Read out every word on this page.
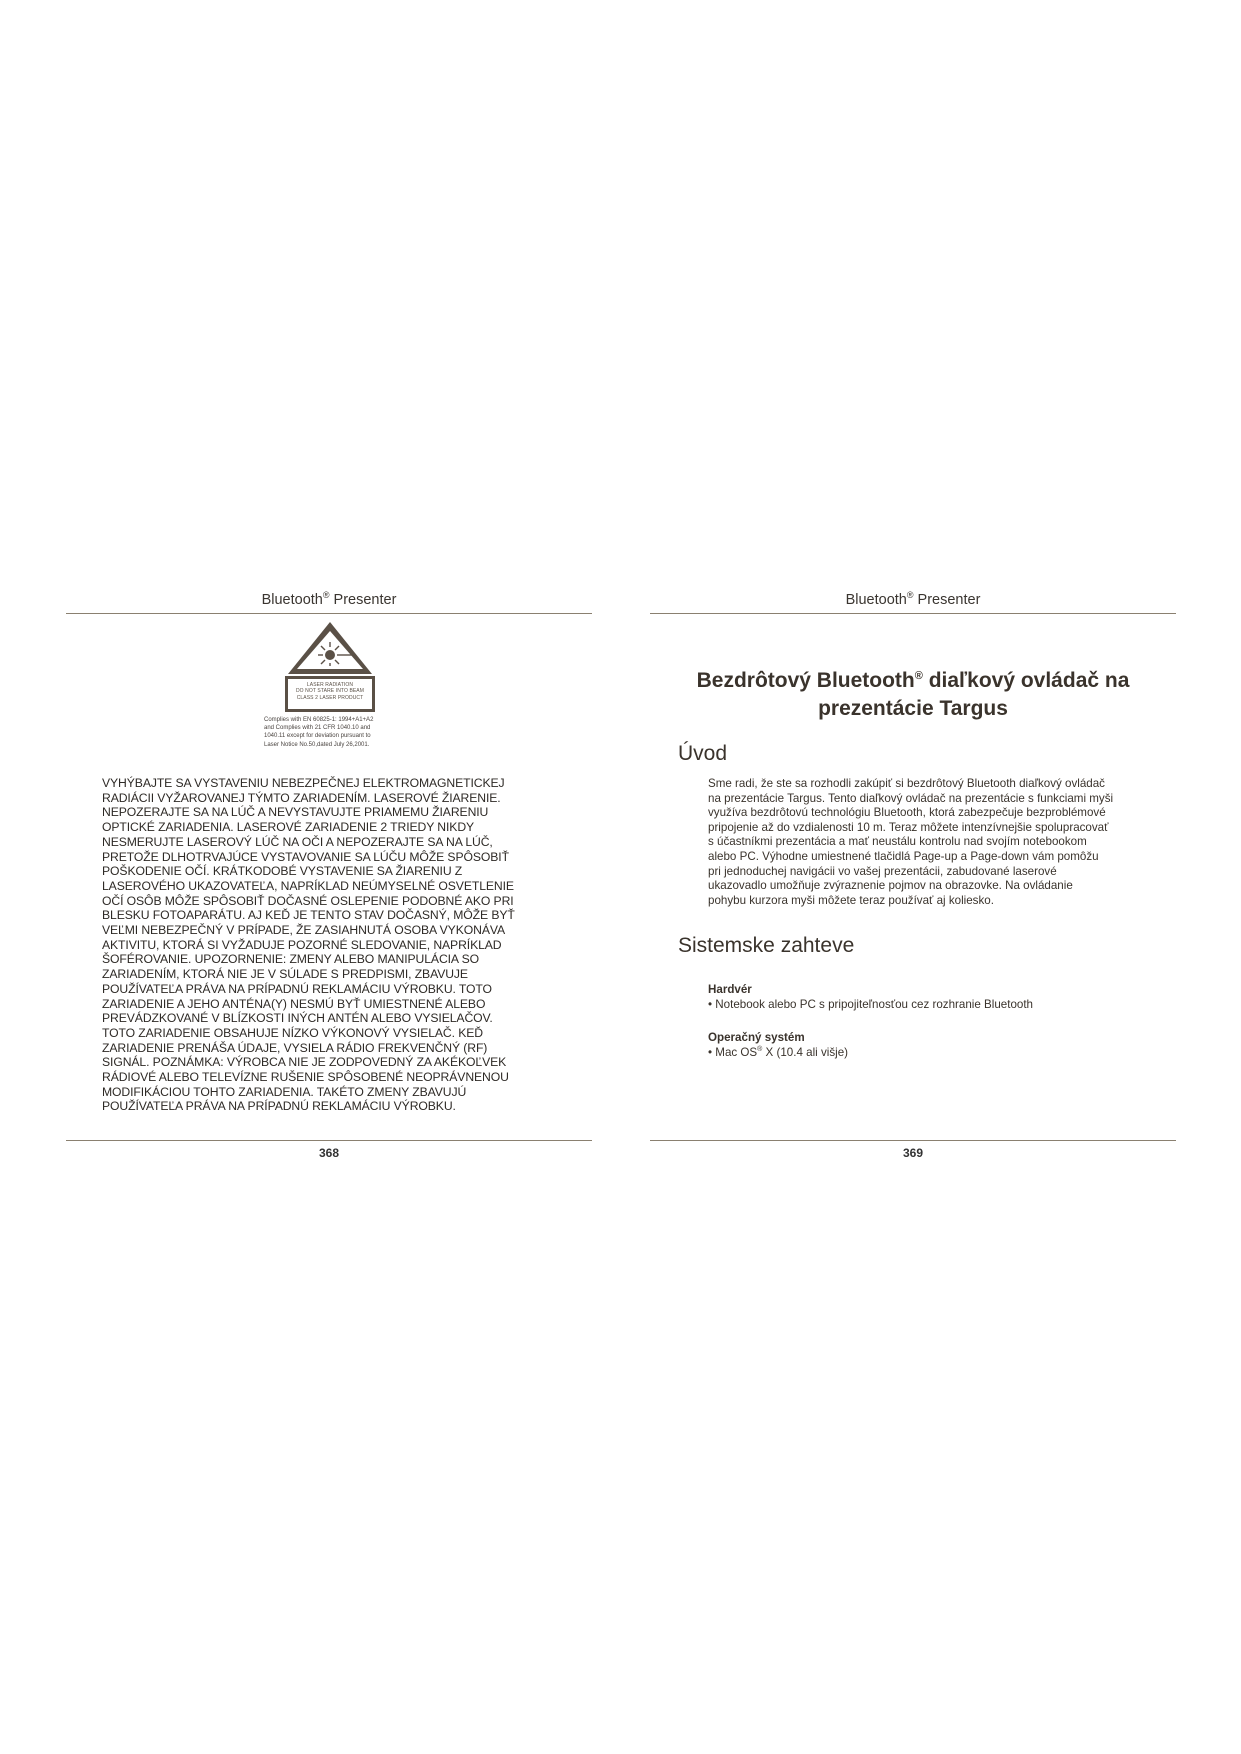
Bluetooth® Presenter
LASER RADIATION
DO NOT STARE INTO BEAM
CLASS 2 LASER PRODUCT
Complies with EN 60825-1: 1994+A1+A2
and Complies with 21 CFR 1040.10 and
1040.11 except for deviation pursuant to
Laser Notice No.50,dated July 26,2001.
VYHÝBAJTE SA VYSTAVENIU NEBEZPEČNEJ ELEKTROMAGNETICKEJ
RADIÁCII VYŽAROVANEJ TÝMTO ZARIADENÍM. LASEROVÉ ŽIARENIE.
NEPOZERAJTE SA NA LÚČ A NEVYSTAVUJTE PRIAMEMU ŽIARENIU
OPTICKÉ ZARIADENIA. LASEROVÉ ZARIADENIE 2 TRIEDY NIKDY
NESMERUJTE LASEROVÝ LÚČ NA OČI A NEPOZERAJTE SA NA LÚČ,
PRETOŽE DLHOTRVAJÚCE VYSTAVOVANIE SA LÚČU MÔŽE SPÔSOBIŤ
POŠKODENIE OČÍ. KRÁTKODOBÉ VYSTAVENIE SA ŽIARENIU Z
LASEROVÉHO UKAZOVATEĽA, NAPRÍKLAD NEÚMYSELNÉ OSVETLENIE
OČÍ OSÔB MÔŽE SPÔSOBIŤ DOČASNÉ OSLEPENIE PODOBNÉ AKO PRI
BLESKU FOTOAPARÁTU. AJ KEĎ JE TENTO STAV DOČASNÝ, MÔŽE BYŤ
VEĽMI NEBEZPEČNÝ V PRÍPADE, ŽE ZASIAHNUTÁ OSOBA VYKONÁVA
AKTIVITU, KTORÁ SI VYŽADUJE POZORNÉ SLEDOVANIE, NAPRÍKLAD
ŠOFÉROVANIE. UPOZORNENIE: ZMENY ALEBO MANIPULÁCIA SO
ZARIADENÍM, KTORÁ NIE JE V SÚLADE S PREDPISMI, ZBAVUJE
POUŽÍVATEĽA PRÁVA NA PRÍPADNÚ REKLAMÁCIU VÝROBKU. TOTO
ZARIADENIE A JEHO ANTÉNA(Y) NESMÚ BYŤ UMIESTNENÉ ALEBO
PREVÁDZKOVANÉ V BLÍZKOSTI INÝCH ANTÉN ALEBO VYSIELAČOV.
TOTO ZARIADENIE OBSAHUJE NÍZKO VÝKONOVÝ VYSIELAČ. KEĎ
ZARIADENIE PRENÁŠA ÚDAJE, VYSIELA RÁDIO FREKVENČNÝ (RF)
SIGNÁL. POZNÁMKA: VÝROBCA NIE JE ZODPOVEDNÝ ZA AKÉKOĽVEK
RÁDIOVÉ ALEBO TELEVÍZNE RUŠENIE SPÔSOBENÉ NEOPRÁVNENOU
MODIFIKÁCIOU TOHTO ZARIADENIA. TAKÉTO ZMENY ZBAVUJÚ
POUŽÍVATEĽA PRÁVA NA PRÍPADNÚ REKLAMÁCIU VÝROBKU.
368
Bluetooth® Presenter
Bezdrôtový Bluetooth® diaľkový ovládač na
prezentácie Targus
Úvod
Sme radi, že ste sa rozhodli zakúpiť si bezdrôtový Bluetooth diaľkový ovládač
na prezentácie Targus. Tento diaľkový ovládač na prezentácie s funkciami myši
využíva bezdrôtovú technológiu Bluetooth, ktorá zabezpečuje bezproblémové
pripojenie až do vzdialenosti 10 m. Teraz môžete intenzívnejšie spolupracovať
s účastníkmi prezentácia a mať neustálu kontrolu nad svojím notebookom
alebo PC. Výhodne umiestnené tlačidlá Page-up a Page-down vám pomôžu
pri jednoduchej navigácii vo vašej prezentácii, zabudované laserové
ukazovadlo umožňuje zvýraznenie pojmov na obrazovke. Na ovládanie
pohybu kurzora myši môžete teraz používať aj koliesko.
Sistemske zahteve
Hardvér
• Notebook alebo PC s pripojiteľnosťou cez rozhranie Bluetooth
Operačný systém
• Mac OS® X (10.4 ali višje)
369
